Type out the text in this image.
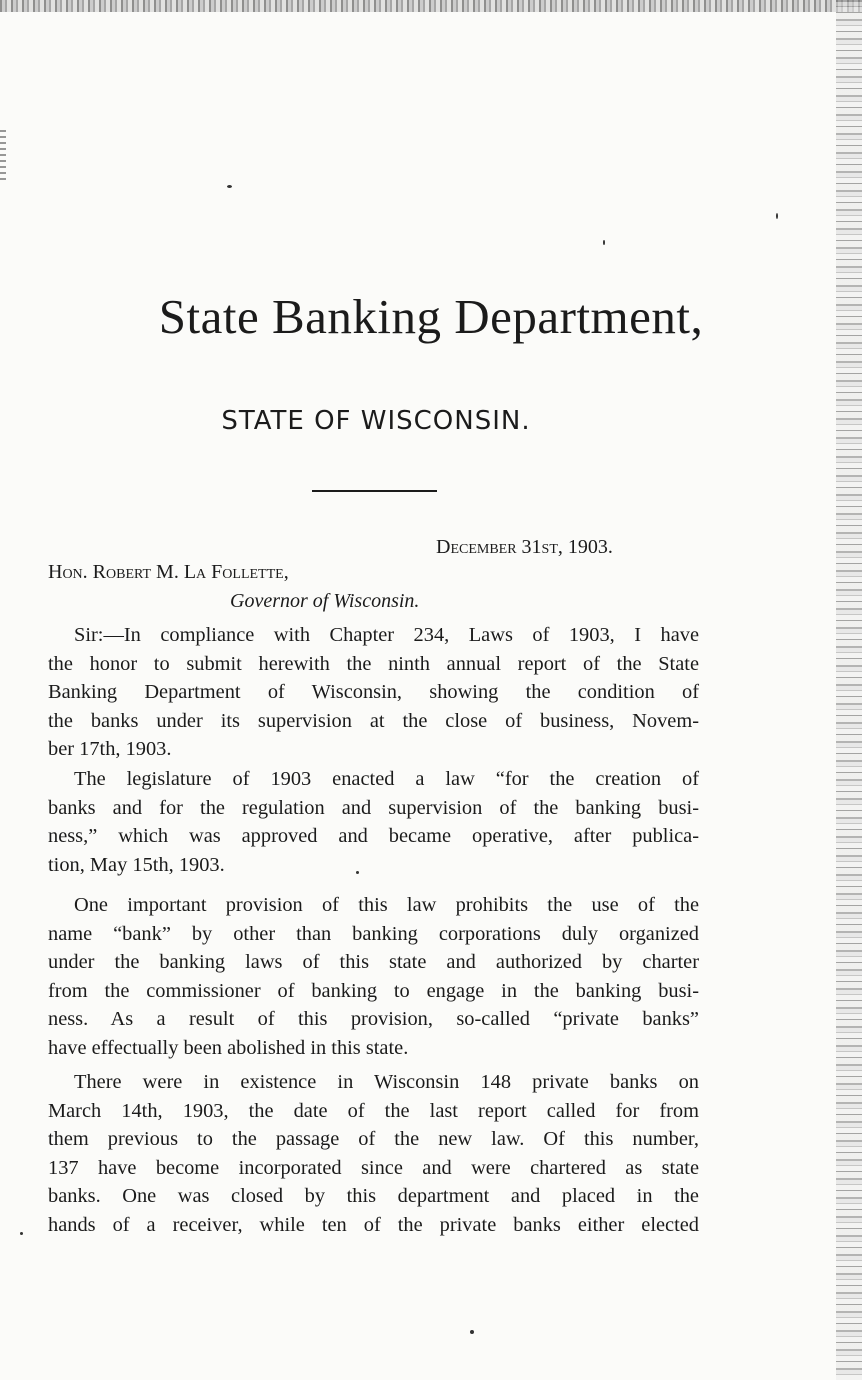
State Banking Department,
STATE OF WISCONSIN.
December 31st, 1903.
Hon. Robert M. La Follette,
Governor of Wisconsin.
Sir:—In compliance with Chapter 234, Laws of 1903, I have
the honor to submit herewith the ninth annual report of the State
Banking Department of Wisconsin, showing the condition of
the banks under its supervision at the close of business, Novem-
ber 17th, 1903.
The legislature of 1903 enacted a law “for the creation of
banks and for the regulation and supervision of the banking busi-
ness,” which was approved and became operative, after publica-
tion, May 15th, 1903.
One important provision of this law prohibits the use of the
name “bank” by other than banking corporations duly organized
under the banking laws of this state and authorized by charter
from the commissioner of banking to engage in the banking busi-
ness. As a result of this provision, so-called “private banks”
have effectually been abolished in this state.
There were in existence in Wisconsin 148 private banks on
March 14th, 1903, the date of the last report called for from
them previous to the passage of the new law. Of this number,
137 have become incorporated since and were chartered as state
banks. One was closed by this department and placed in the
hands of a receiver, while ten of the private banks either elected
